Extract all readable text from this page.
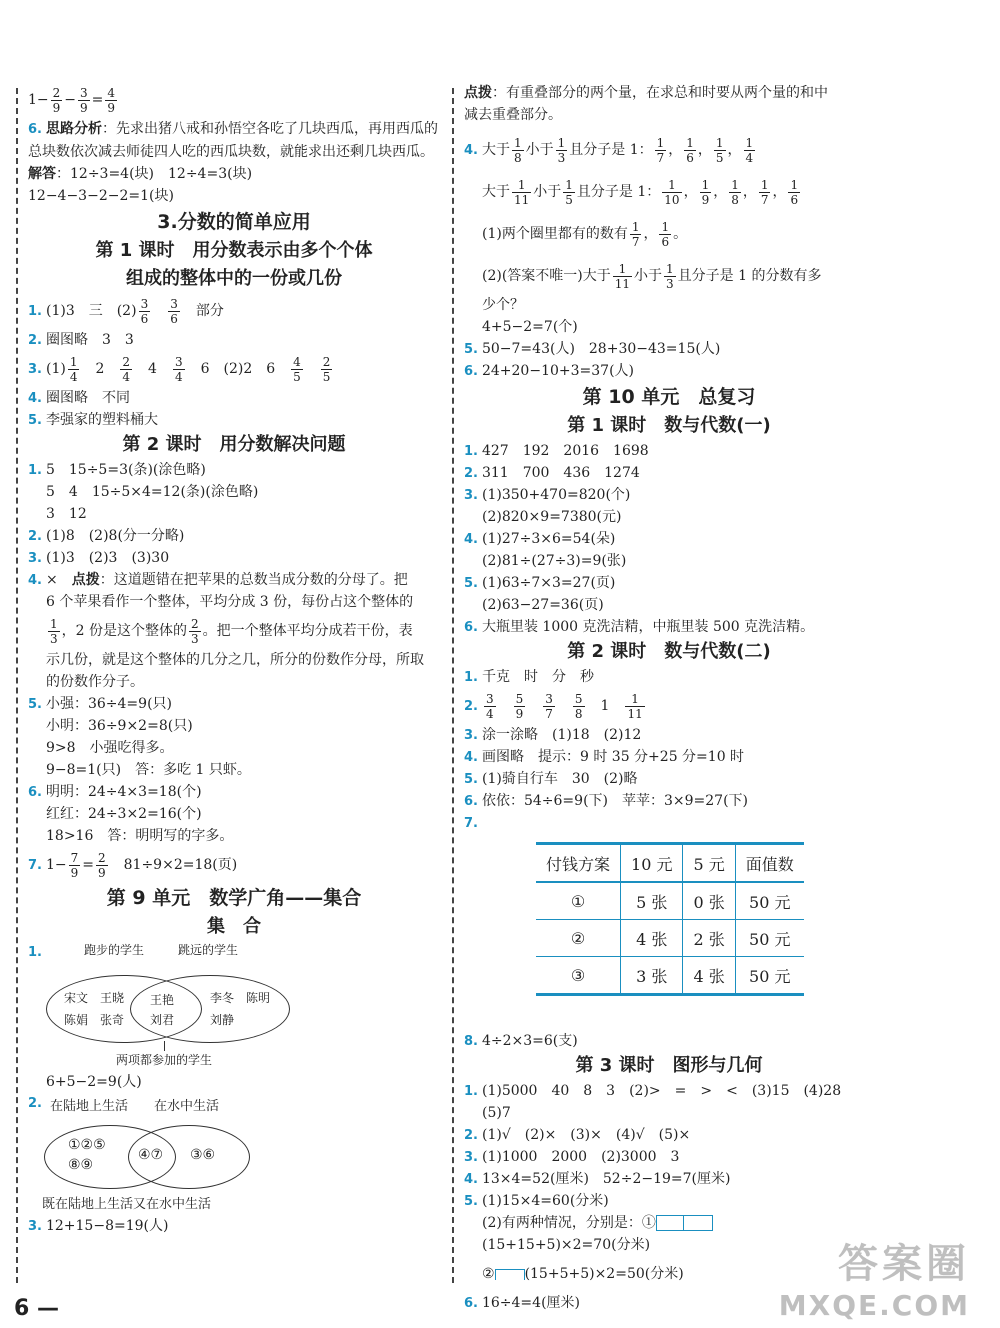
$1- \frac{2}{9} - \frac{3}{9} = \frac{4}{9}$
6. 思路分析：先求出猪八戒和孙悟空各吃了几块西瓜，再用西瓜的总块数依次减去师徒四人吃的西瓜块数，就能求出还剩几块西瓜。
解答：12÷3=4(块)　12÷4=3(块)
12−4−3−2−2=1(块)
3.分数的简单应用
第 1 课时　用分数表示由多个个体
组成的整体中的一份或几份
1. (1)3　三　$(2) \frac{3}{6}$
　 $\frac{3}{6}$ 　部分
2. 圈图略　3　3
3. $(1) \frac{1}{4}$ 　2　 $\frac{2}{4}$ 　4　 $\frac{3}{4}$ 　6　(2)2　6　 $\frac{4}{5}$
　 $\frac{2}{5}$
4. 圈图略　不同
5. 李强家的塑料桶大
第 2 课时　用分数解决问题
1. 5　15÷5=3(条)(涂色略)
5　4　15÷5×4=12(条)(涂色略)
3　12
2. (1)8　(2)8(分一分略)
3. (1)3　(2)3　(3)30
4. ×　 点拨：这道题错在把苹果的总数当成分数的分母了。把
6 个苹果看作一个整体，平均分成 3 份，每份占这个整体的
$\frac{1}{3}$ ，2 份是这个整体的 $\frac{2}{3}$ 。把一个整体平均分成若干份，表
示几份，就是这个整体的几分之几，所分的份数作分母，所取
的份数作分子。
5. 小强：36÷4=9(只)
小明：36÷9×2=8(只)
9>8　小强吃得多。
9−8=1(只)　答：多吃 1 只虾。
6. 明明：24÷4×3=18(个)
红红：24÷3×2=16(个)
18>16　答：明明写的字多。
7. $1- \frac{7}{9} = \frac{2}{9}$ 　81÷9×2=18(页)
第 9 单元　数学广角——集合
集　合
1.	跑步的学生	跳远的学生
宋文　王晓
陈娟　张奇
王艳
刘君
李冬　陈明
刘静
两项都参加的学生
6+5−2=9(人)
2. 在陆地上生活 在水中生活
①②⑤
⑧⑨
④⑦ ③⑥
既在陆地上生活又在水中生活
3. 12+15−8=19(人)
点拨：有重叠部分的两个量，在求总和时要从两个量的和中
减去重叠部分。
4. 大于 $\frac{1}{8}$ 小于 $\frac{1}{3}$ 且分子是 1： $\frac{1}{7}$ ， $\frac{1}{6}$ ， $\frac{1}{5}$ ， $\frac{1}{4}$
大于 $\frac{1}{11}$ 小于 $\frac{1}{5}$ 且分子是 1： $\frac{1}{10}$ ， $\frac{1}{9}$ ， $\frac{1}{8}$ ， $\frac{1}{7}$ ， $\frac{1}{6}$
(1)两个圈里都有的数有 $\frac{1}{7}$ ， $\frac{1}{6}$ 。
(2)(答案不唯一)大于 $\frac{1}{11}$ 小于 $\frac{1}{3}$ 且分子是 1 的分数有多
少个？
4+5−2=7(个)
5. 50−7=43(人)　28+30−43=15(人)
6. 24+20−10+3=37(人)
第 10 单元　总复习
第 1 课时　数与代数(一)
1. 427　192　2016　1698
2. 311　700　436　1274
3. (1)350+470=820(个)
(2)820×9=7380(元)
4. (1)27÷3×6=54(朵)
(2)81÷(27÷3)=9(张)
5. (1)63÷7×3=27(页)
(2)63−27=36(页)
6. 大瓶里装 1000 克洗洁精，中瓶里装 500 克洗洁精。
第 2 课时　数与代数(二)
1. 千克　时　分　秒
2. $\frac{3}{4}$
　 $\frac{5}{9}$
　 $\frac{3}{7}$
　 $\frac{5}{8}$ 　1　 $\frac{1}{11}$
3. 涂一涂略　(1)18　(2)12
4. 画图略　提示：9 时 35 分+25 分=10 时
5. (1)骑自行车　30　(2)略
6. 依依：54÷6=9(下)　苹苹：3×9=27(下)
7.
付钱方案	10 元	5 元	面值数
①	5 张	0 张	50 元
②	4 张	2 张	50 元
③	3 张	4 张	50 元
8. 4÷2×3=6(支)
第 3 课时　图形与几何
1. (1)5000　40　8　3　(2)>　=　>　<　(3)15　(4)28
(5)7
2. (1)√　(2)×　(3)×　(4)√　(5)×
3. (1)1000　2000　(2)3000　3
4. 13×4=52(厘米)　52÷2−19=7(厘米)
5. (1)15×4=60(分米)
(2)有两种情况，分别是：①
(15+15+5)×2=70(分米)
② (15+5+5)×2=50(分米)
6. 16÷4=4(厘米)
6 —
答案圈
MXQE.COM
